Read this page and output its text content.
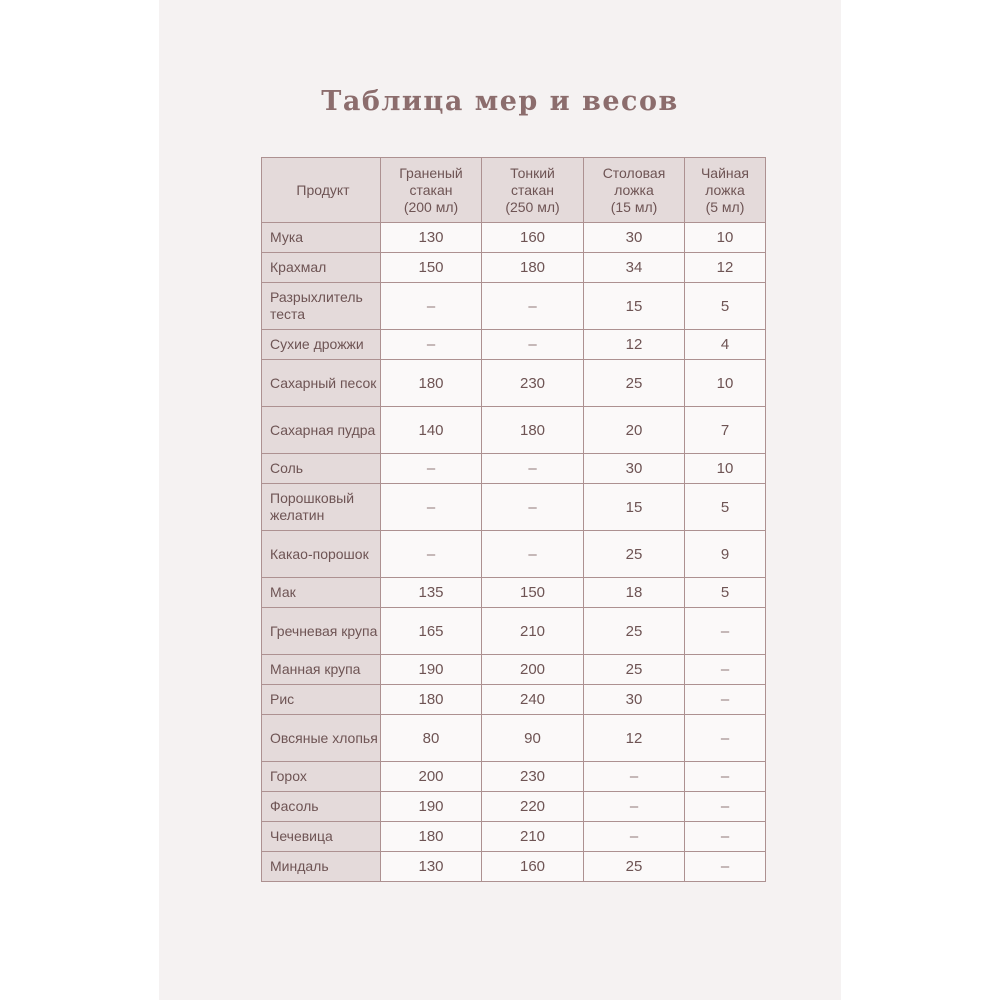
Таблица мер и весов
Продукт	Граненый
стакан
(200 мл)	Тонкий
стакан
(250 мл)	Столовая
ложка
(15 мл)	Чайная
ложка
(5 мл)

Мука	130	160	30	10
Крахмал	150	180	34	12
Разрыхлитель теста	–	–	15	5
Сухие дрожжи	–	–	12	4
Сахарный песок	180	230	25	10
Сахарная пудра	140	180	20	7
Соль	–	–	30	10
Порошковый желатин	–	–	15	5
Какао-порошок	–	–	25	9
Мак	135	150	18	5
Гречневая крупа	165	210	25	–
Манная крупа	190	200	25	–
Рис	180	240	30	–
Овсяные хлопья	80	90	12	–
Горох	200	230	–	–
Фасоль	190	220	–	–
Чечевица	180	210	–	–
Миндаль	130	160	25	–
